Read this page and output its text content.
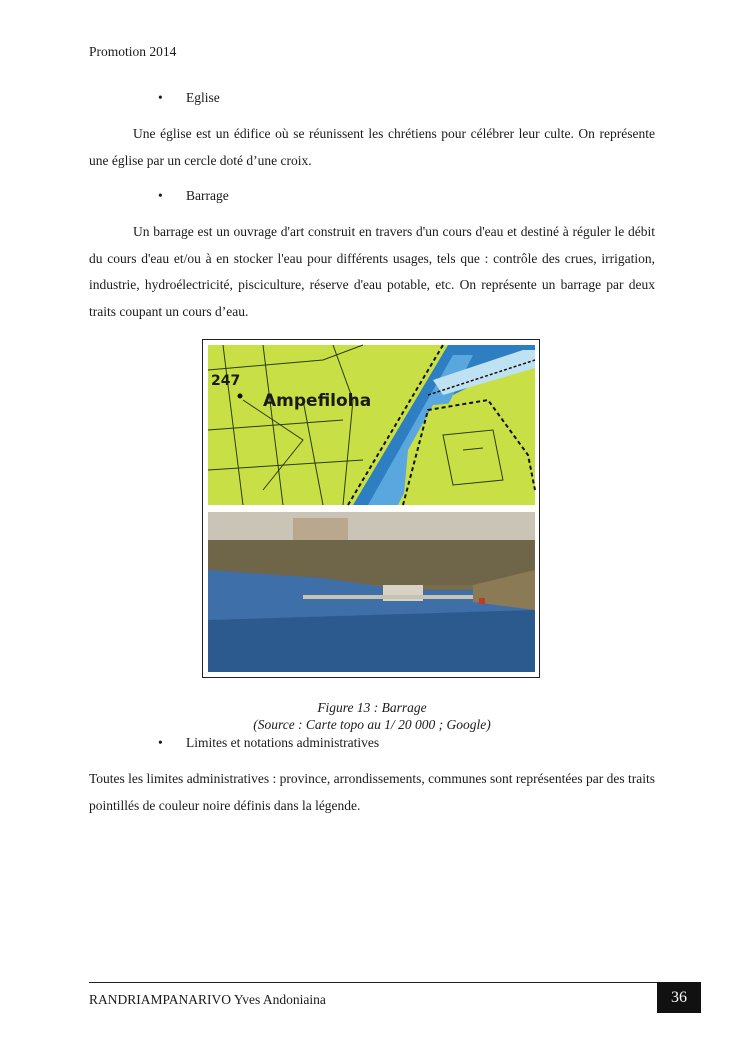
Promotion 2014
• Eglise

Une église est un édifice où se réunissent les chrétiens pour célébrer leur culte. On représente une église par un cercle doté d’une croix.

• Barrage

Un barrage est un ouvrage d'art construit en travers d'un cours d'eau et destiné à réguler le débit du cours d'eau et/ou à en stocker l'eau pour différents usages, tels que : contrôle des crues, irrigation, industrie, hydroélectricité, pisciculture, réserve d'eau potable, etc. On représente un barrage par deux traits coupant un cours d’eau.

247
Ampefiloha
Figure 13 : Barrage
(Source : Carte topo au 1/ 20 000 ; Google)
• Limites et notations administratives

Toutes les limites administratives : province, arrondissements, communes sont représentées par des traits pointillés de couleur noire définis dans la légende.

RANDRIAMPANARIVO Yves Andoniaina	36
